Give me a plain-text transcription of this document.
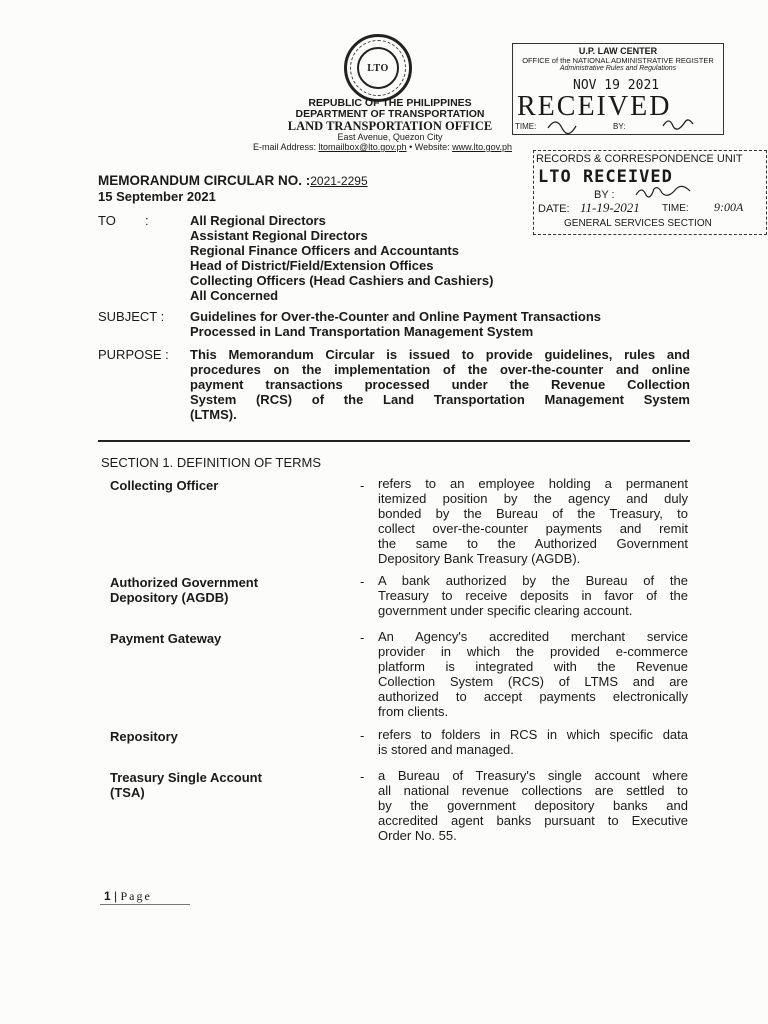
LTO
REPUBLIC OF THE PHILIPPINES
DEPARTMENT OF TRANSPORTATION
LAND TRANSPORTATION OFFICE
East Avenue, Quezon City
E-mail Address: ltomailbox@lto.gov.ph • Website: www.lto.gov.ph
U.P. LAW CENTER
OFFICE of the NATIONAL ADMINISTRATIVE REGISTER
Administrative Rules and Regulations
NOV 19 2021
RECEIVED
TIME:	BY:
RECORDS & CORRESPONDENCE UNIT
LTO RECEIVED
BY :
DATE: 11-19-2021 TIME: 9:00A
GENERAL SERVICES SECTION
MEMORANDUM CIRCULAR NO. :2021-2295
15 September 2021
TO :	All Regional Directors
Assistant Regional Directors
Regional Finance Officers and Accountants
Head of District/Field/Extension Offices
Collecting Officers (Head Cashiers and Cashiers)
All Concerned
SUBJECT : Guidelines for Over-the-Counter and Online Payment Transactions
Processed in Land Transportation Management System
PURPOSE : This Memorandum Circular is issued to provide guidelines, rules and
procedures on the implementation of the over-the-counter and online
payment transactions processed under the Revenue Collection
System (RCS) of the Land Transportation Management System
(LTMS).
SECTION 1. DEFINITION OF TERMS
Collecting Officer	- refers to an employee holding a permanent
itemized position by the agency and duly
bonded by the Bureau of the Treasury, to
collect over-the-counter payments and remit
the same to the Authorized Government
Depository Bank Treasury (AGDB).
Authorized Government
Depository (AGDB)
- A bank authorized by the Bureau of the
Treasury to receive deposits in favor of the
government under specific clearing account.
Payment Gateway	- An Agency's accredited merchant service
provider in which the provided e-commerce
platform is integrated with the Revenue
Collection System (RCS) of LTMS and are
authorized to accept payments electronically
from clients.
Repository	- refers to folders in RCS in which specific data
is stored and managed.
Treasury Single Account
(TSA)
- a Bureau of Treasury's single account where
all national revenue collections are settled to
by the government depository banks and
accredited agent banks pursuant to Executive
Order No. 55.
1 | Page
